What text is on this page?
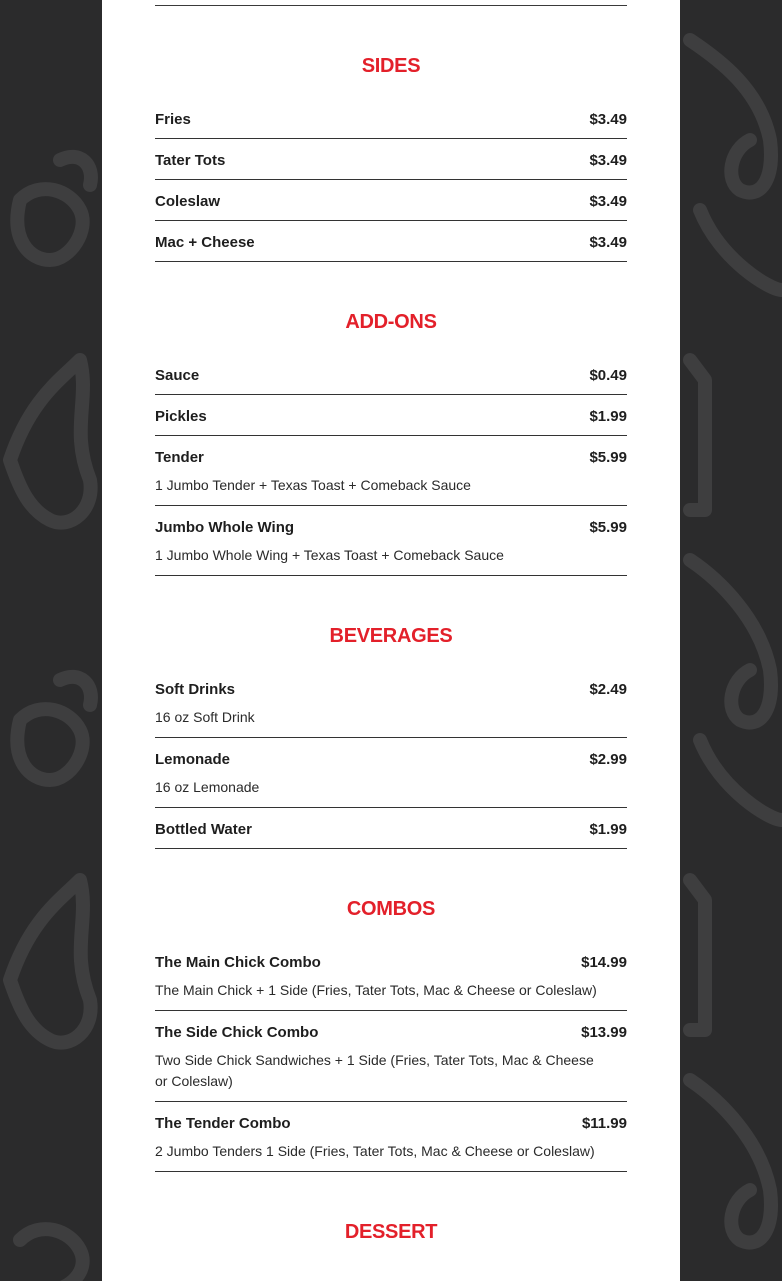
SIDES
Fries	$3.49
Tater Tots	$3.49
Coleslaw	$3.49
Mac + Cheese	$3.49
ADD-ONS
Sauce	$0.49
Pickles	$1.99
Tender	$5.99
1 Jumbo Tender + Texas Toast + Comeback Sauce
Jumbo Whole Wing	$5.99
1 Jumbo Whole Wing + Texas Toast + Comeback Sauce
BEVERAGES
Soft Drinks	$2.49
16 oz Soft Drink
Lemonade	$2.99
16 oz Lemonade
Bottled Water	$1.99
COMBOS
The Main Chick Combo	$14.99
The Main Chick + 1 Side (Fries, Tater Tots, Mac & Cheese or Coleslaw)
The Side Chick Combo	$13.99
Two Side Chick Sandwiches + 1 Side (Fries, Tater Tots, Mac & Cheese or Coleslaw)
The Tender Combo	$11.99
2 Jumbo Tenders 1 Side (Fries, Tater Tots, Mac & Cheese or Coleslaw)
DESSERT
